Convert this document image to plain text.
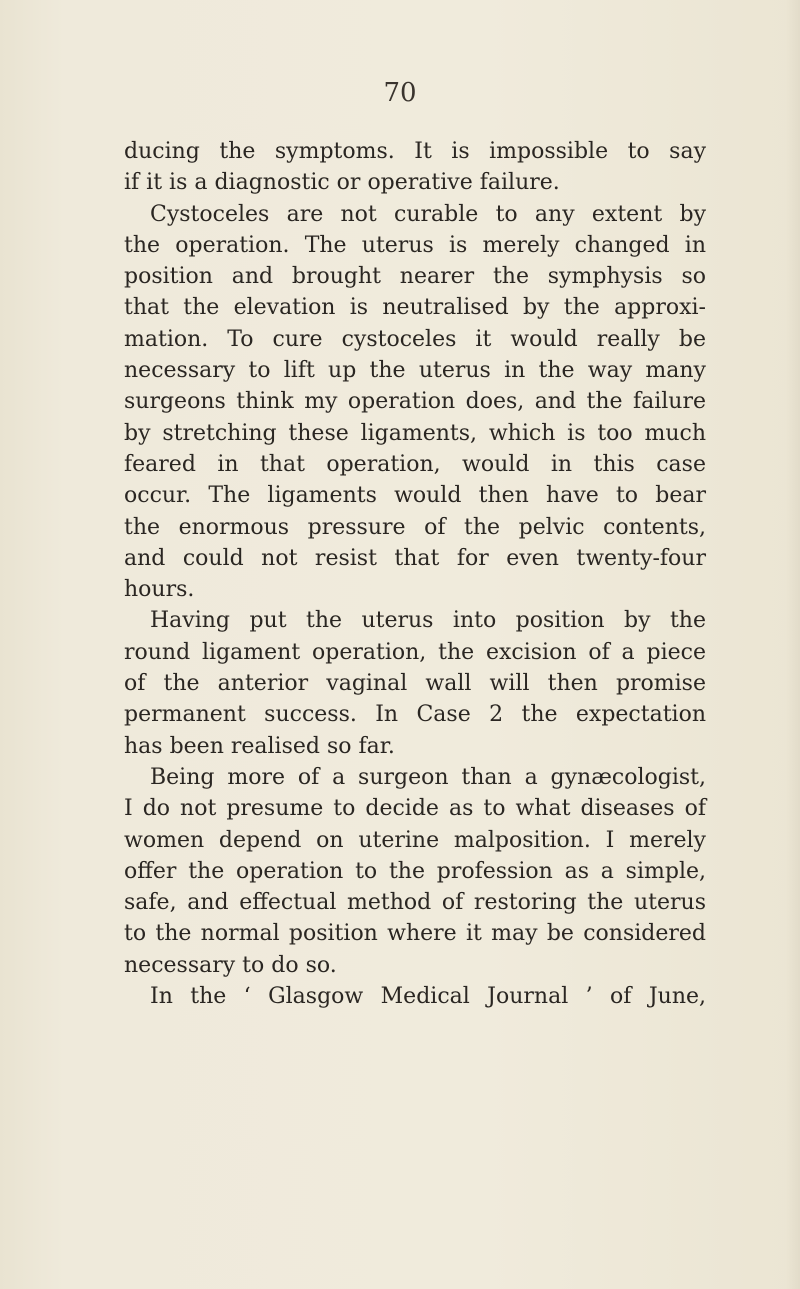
70
ducing the symptoms. It is impossible to say
if it is a diagnostic or operative failure.
Cystoceles are not curable to any extent by
the operation. The uterus is merely changed in
position and brought nearer the symphysis so
that the elevation is neutralised by the approxi-
mation. To cure cystoceles it would really be
necessary to lift up the uterus in the way many
surgeons think my operation does, and the failure
by stretching these ligaments, which is too much
feared in that operation, would in this case
occur. The ligaments would then have to bear
the enormous pressure of the pelvic contents,
and could not resist that for even twenty-four
hours.
Having put the uterus into position by the
round ligament operation, the excision of a piece
of the anterior vaginal wall will then promise
permanent success. In Case 2 the expectation
has been realised so far.
Being more of a surgeon than a gynæcologist,
I do not presume to decide as to what diseases of
women depend on uterine malposition. I merely
offer the operation to the profession as a simple,
safe, and effectual method of restoring the uterus
to the normal position where it may be considered
necessary to do so.
In the ‘ Glasgow Medical Journal ’ of June,
